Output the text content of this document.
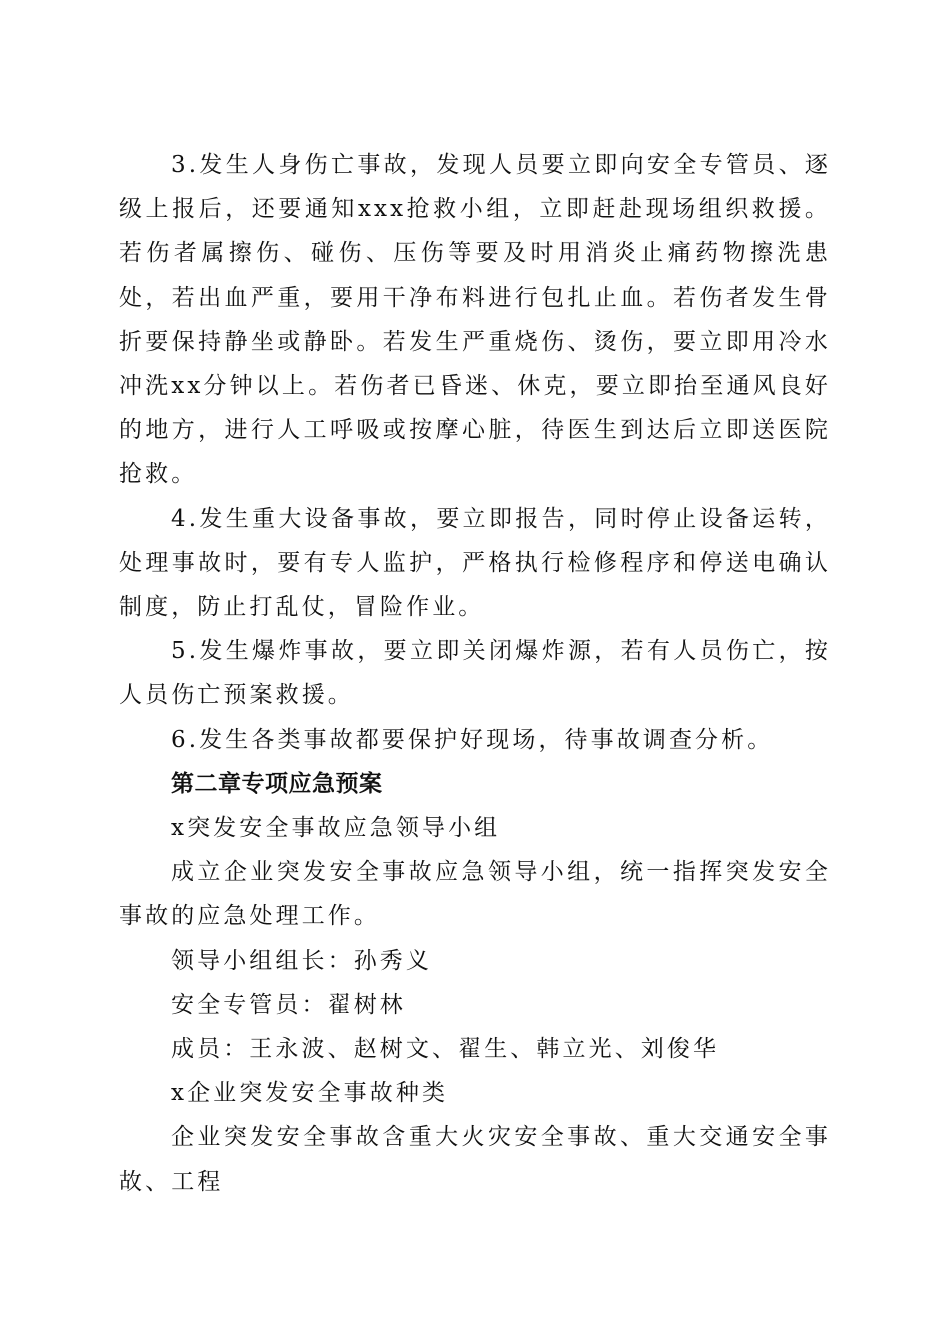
3.发生人身伤亡事故，发现人员要立即向安全专管员、逐级上报后，还要通知xxx抢救小组，立即赶赴现场组织救援。若伤者属擦伤、碰伤、压伤等要及时用消炎止痛药物擦洗患处，若出血严重，要用干净布料进行包扎止血。若伤者发生骨折要保持静坐或静卧。若发生严重烧伤、烫伤，要立即用冷水冲洗xx分钟以上。若伤者已昏迷、休克，要立即抬至通风良好的地方，进行人工呼吸或按摩心脏，待医生到达后立即送医院抢救。

4.发生重大设备事故，要立即报告，同时停止设备运转，处理事故时，要有专人监护，严格执行检修程序和停送电确认制度，防止打乱仗，冒险作业。

5.发生爆炸事故，要立即关闭爆炸源，若有人员伤亡，按人员伤亡预案救援。

6.发生各类事故都要保护好现场，待事故调查分析。

第二章专项应急预案

x突发安全事故应急领导小组

成立企业突发安全事故应急领导小组，统一指挥突发安全事故的应急处理工作。

领导小组组长：孙秀义

安全专管员：翟树林

成员：王永波、赵树文、翟生、韩立光、刘俊华

x企业突发安全事故种类

企业突发安全事故含重大火灾安全事故、重大交通安全事故、工程
